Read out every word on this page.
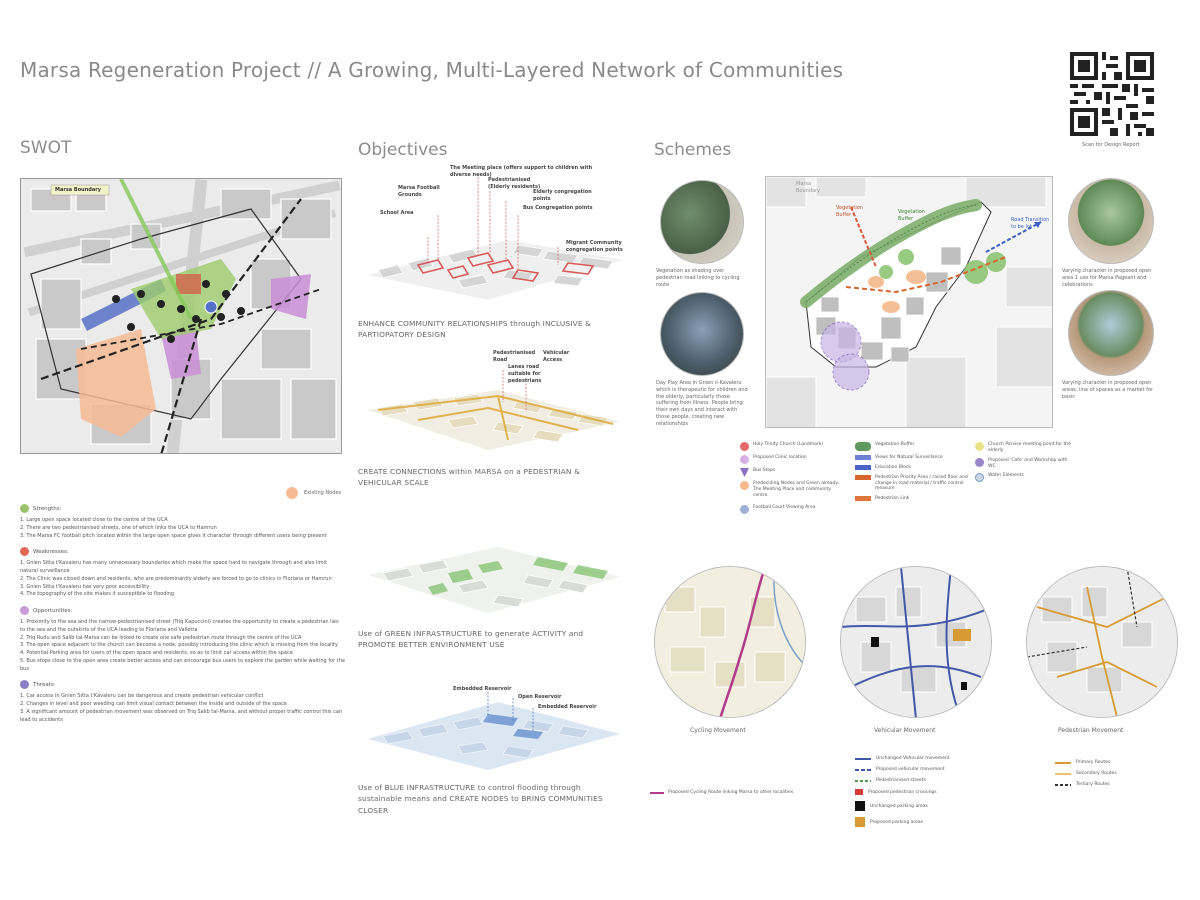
Marsa Regeneration Project // A Growing, Multi-Layered Network of Communities
Scan for Design Report
SWOT	Objectives	Schemes
Marsa Boundary
Existing Nodes
Strengths:
1. Large open space located close to the centre of the UCA
2. There are two pedestrianised streets, one of which links the UCA to Hamrun
3. The Marsa FC football pitch located within the large open space gives it character through different users being present
Weaknesses:
1. Gnien Sitta t'Kavaleru has many unnecessary boundaries which make the space hard to navigate through and also limit natural surveillance
2. The Clinic was closed down and residents, who are predominantly elderly are forced to go to clinics in Floriana or Hamrun
3. Gnien Sitta t'Kavaleru has very poor accessibility
4. The topography of the site makes it susceptible to flooding
Opportunities:
1. Proximity to the sea and the narrow pedestrianised street (Triq Kapuccini) creates the opportunity to create a pedestrian lies to the sea and the outskirts of the UCA leading to Floriana and Valletta
2. Triq Rudu and Salib tal-Marsa can be linked to create one safe pedestrian route through the centre of the UCA
3. The open space adjacent to the church can become a node, possibly introducing the clinic which is missing from the locality.
4. Potential Parking area for users of the open space and residents, so as to limit car access within the space
5. Bus stops close to the open area create better access and can encourage bus users to explore the garden while waiting for the bus
Threats:
1. Car access in Gnien Sitta t'Kavaleru can be dangerous and create pedestrian vehicular conflict
2. Changes in level and poor weeding can limit visual contact between the inside and outside of the space
3. A significant amount of pedestrian movement was observed on Triq Salib tal-Marsa, and without proper traffic control this can lead to accidents
The Meeting place (offers support to children with diverse needs)
Pedestrianised (Elderly residents)
Marsa Football Grounds	Elderly congregation points
School Area
Bus Congregation points
Migrant Community congregation points
ENHANCE COMMUNITY RELATIONSHIPS through INCLUSIVE & PARTIOPATORY DESIGN
Pedestrianised Road
Vehicular Access
Lanes road suitable for pedestrians
CREATE CONNECTIONS within MARSA on a PEDESTRIAN & VEHICULAR SCALE
Use of GREEN INFRASTRUCTURE to generate ACTIVITY and PROMOTE BETTER ENVIRONMENT USE
Embedded Reservoir
Open Reservoir
Embedded Reservoir
Use of BLUE INFRASTRUCTURE to control flooding through sustainable means and CREATE NODES to BRING COMMUNITIES CLOSER
Marsa Boundary
Vegetation Buffer	Vegetation Buffer	Road Transition to be lot
Vegetation as shading over pedestrian road linking to cycling route
Day Play Area in Gnien il-Kavaleru which is therapeutic for children and the elderly, particularly those suffering from illness. People bring their own days and interact with those people, creating new relationships
Varying character in proposed open area 1 use for Marsa Pageant and celebrations
Varying character in proposed open areas: line of spaces as a market for basic
Holy Trinity Church (Landmark)
Proposed Clinic location
Bus Stops
Predeciding Nodes and Green already, The Meeting Place and community centre
Football Court Viewing Area
Vegetation Buffer
Views for Natural Surveillance
Education Block
Pedestrian Priority Area / raised floor and change in road material / traffic control measure
Pedestrian Link
Church Parvise meeting point for the elderly
Proposed 'Cafe' and Workshop with WC
Water Elements
Cycling Movement
Proposed Cycling Route linking Marsa to other localities
Vehicular Movement
Unchanged Vehicular movement
Proposed vehicular movement
Pedestrianised streets
Proposed pedestrian crossings
Unchanged parking areas
Proposed parking areas
Pedestrian Movement
Primary Routes
Secondary Routes
Tertiary Routes
